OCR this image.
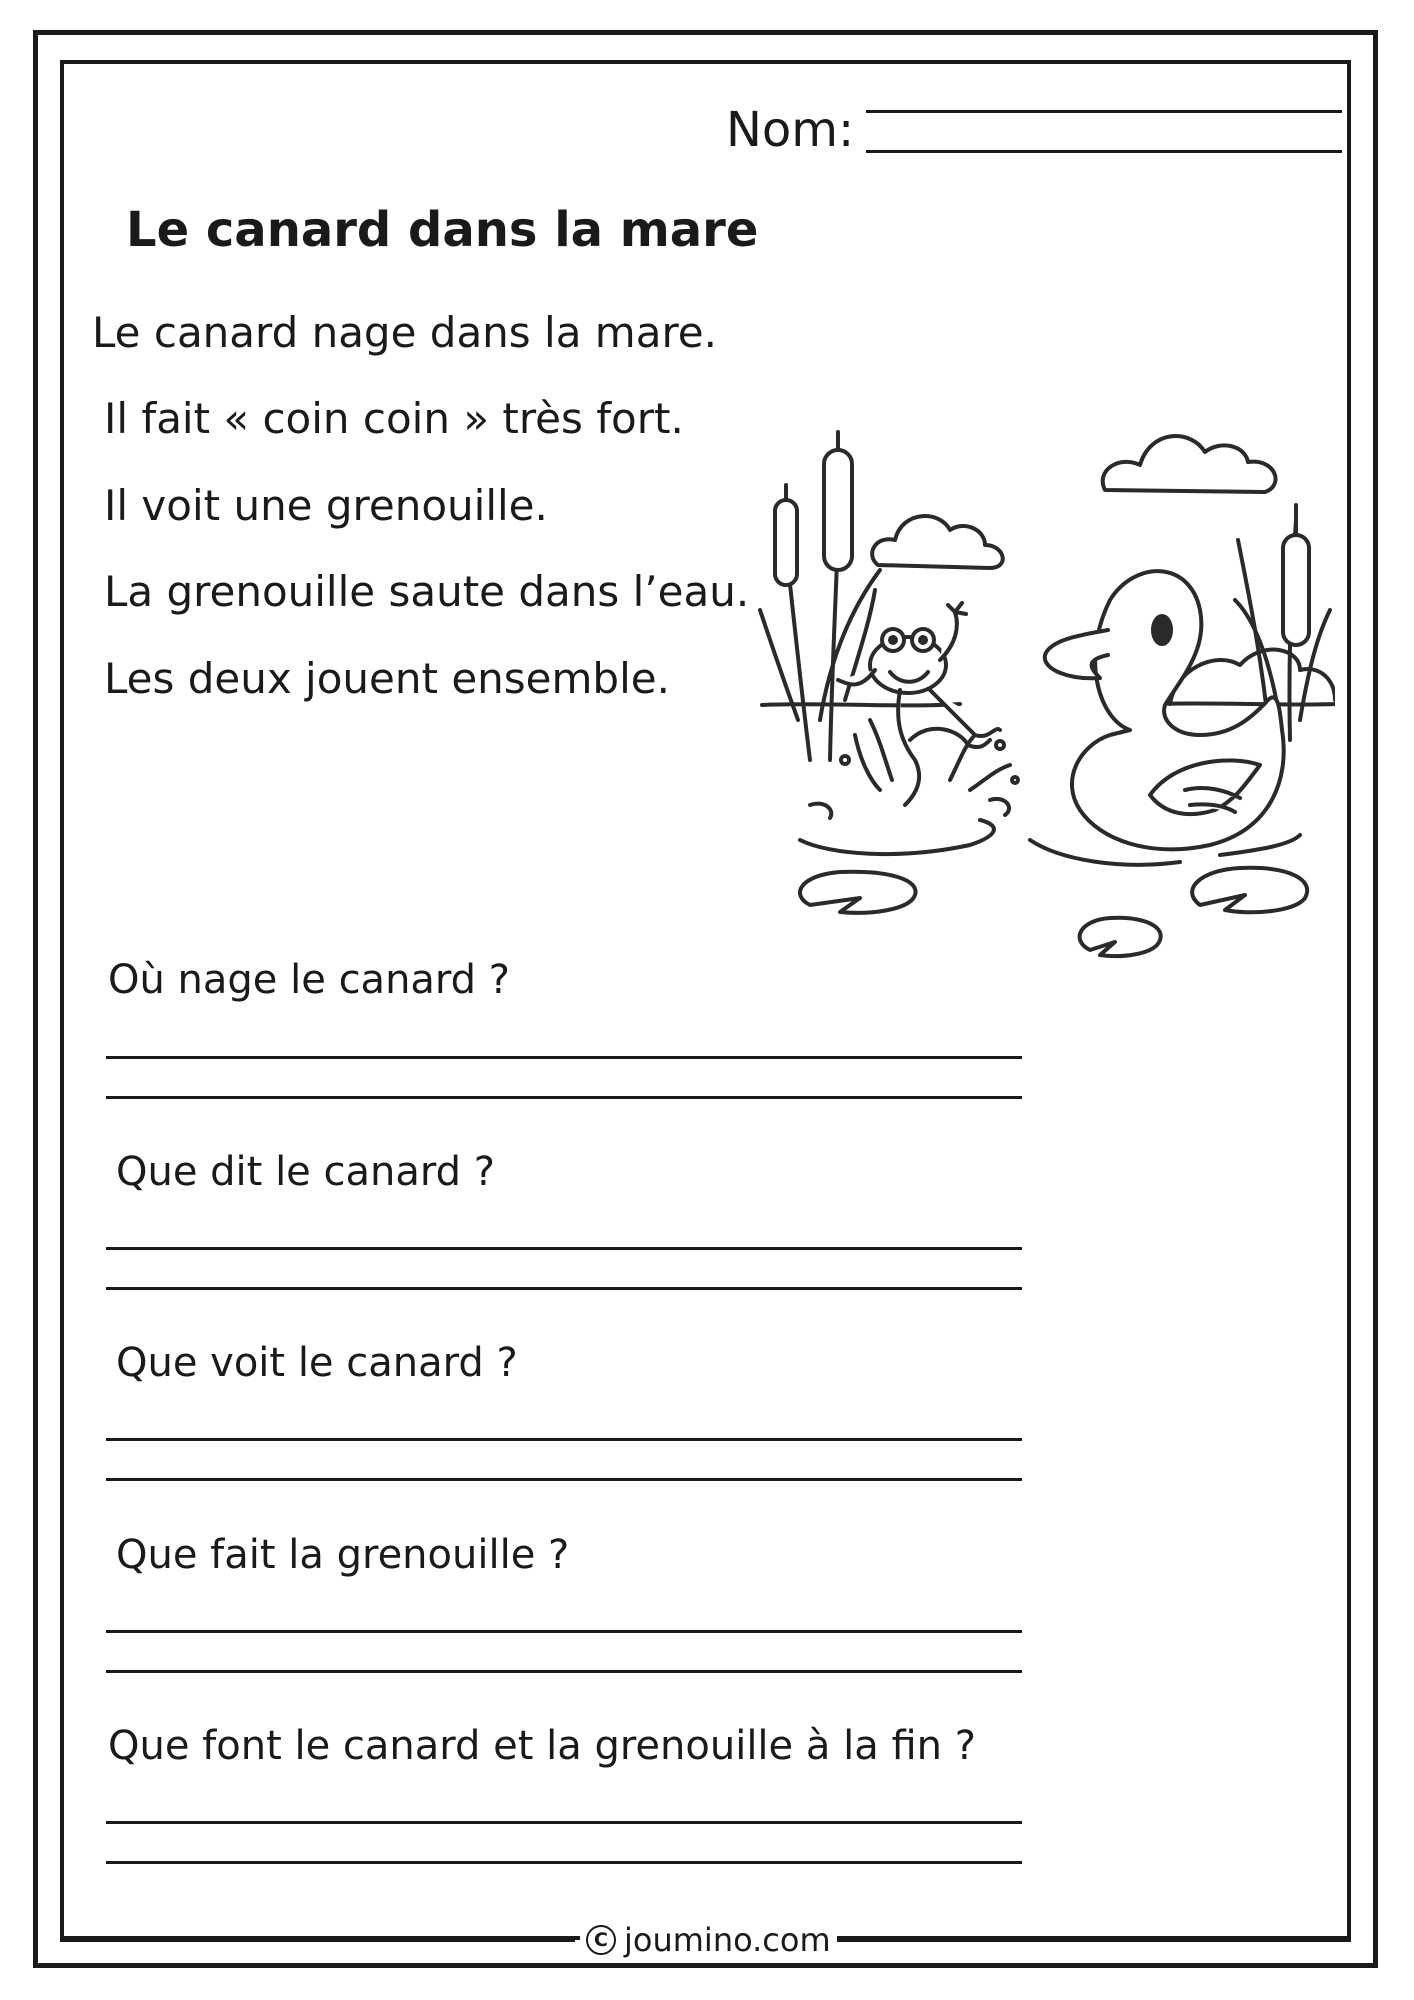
Nom:
Le canard dans la mare
Le canard nage dans la mare.
Il fait « coin coin » très fort.
Il voit une grenouille.
La grenouille saute dans l’eau.
Les deux jouent ensemble.
Où nage le canard ?
Que dit le canard ?
Que voit le canard ?
Que fait la grenouille ?
Que font le canard et la grenouille à la fin ?
C joumino.com
